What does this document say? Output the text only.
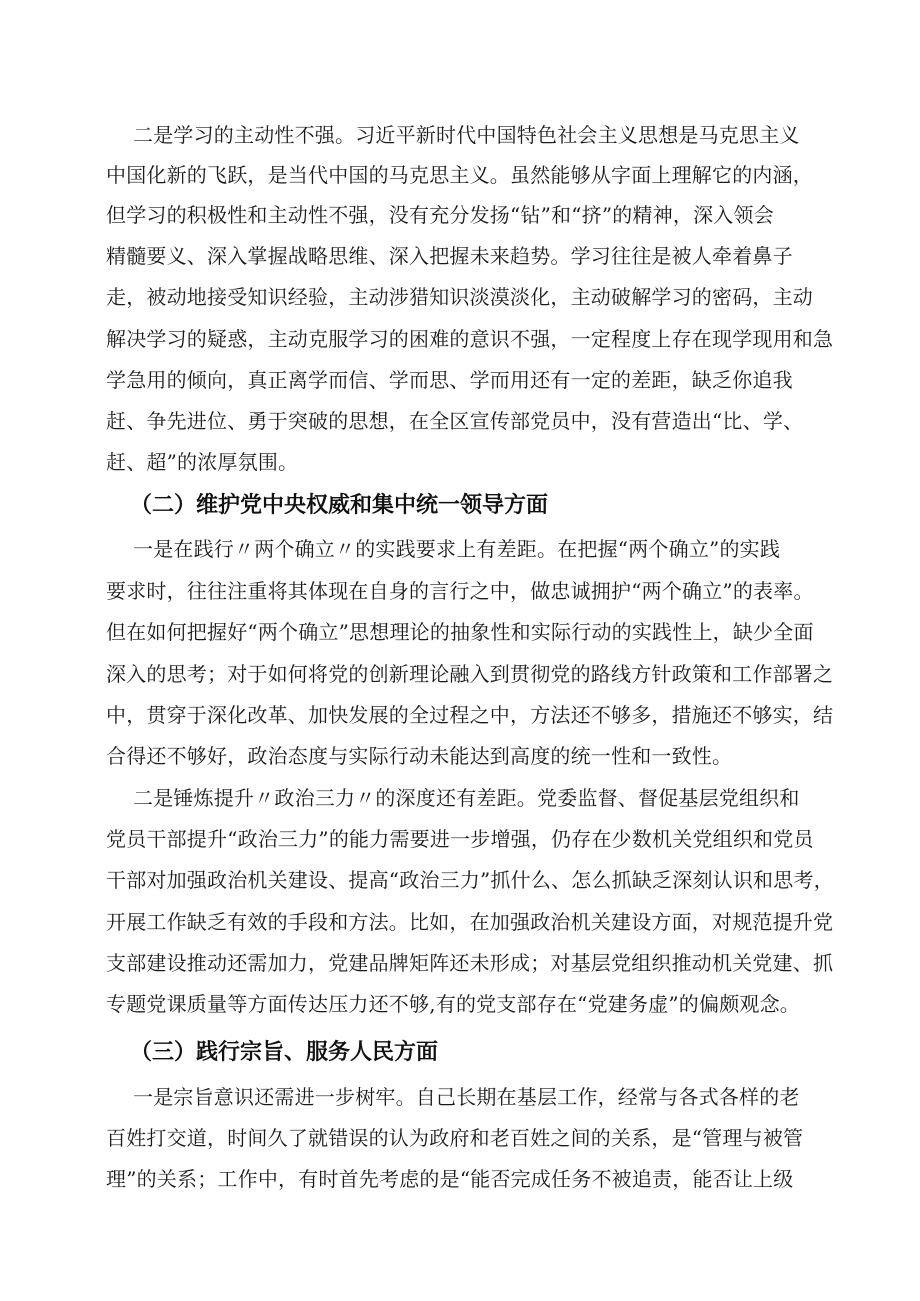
二是学习的主动性不强。习近平新时代中国特色社会主义思想是马克思主义
中国化新的飞跃，是当代中国的马克思主义。虽然能够从字面上理解它的内涵，
但学习的积极性和主动性不强，没有充分发扬“钻”和“挤”的精神，深入领会
精髓要义、深入掌握战略思维、深入把握未来趋势。学习往往是被人牵着鼻子
走，被动地接受知识经验，主动涉猎知识淡漠淡化，主动破解学习的密码，主动
解决学习的疑惑，主动克服学习的困难的意识不强，一定程度上存在现学现用和急
学急用的倾向，真正离学而信、学而思、学而用还有一定的差距，缺乏你追我
赶、争先进位、勇于突破的思想，在全区宣传部党员中，没有营造出“比、学、
赶、超”的浓厚氛围。
（二）维护党中央权威和集中统一领导方面
一是在践行〃两个确立〃的实践要求上有差距。在把握“两个确立”的实践
要求时，往往注重将其体现在自身的言行之中，做忠诚拥护“两个确立”的表率。
但在如何把握好“两个确立”思想理论的抽象性和实际行动的实践性上，缺少全面
深入的思考；对于如何将党的创新理论融入到贯彻党的路线方针政策和工作部署之
中，贯穿于深化改革、加快发展的全过程之中，方法还不够多，措施还不够实，结
合得还不够好，政治态度与实际行动未能达到高度的统一性和一致性。
二是锤炼提升〃政治三力〃的深度还有差距。党委监督、督促基层党组织和
党员干部提升“政治三力”的能力需要进一步增强，仍存在少数机关党组织和党员
干部对加强政治机关建设、提高“政治三力”抓什么、怎么抓缺乏深刻认识和思考，
开展工作缺乏有效的手段和方法。比如，在加强政治机关建设方面，对规范提升党
支部建设推动还需加力，党建品牌矩阵还未形成；对基层党组织推动机关党建、抓
专题党课质量等方面传达压力还不够,有的党支部存在“党建务虚”的偏颇观念。
（三）践行宗旨、服务人民方面
一是宗旨意识还需进一步树牢。自己长期在基层工作，经常与各式各样的老
百姓打交道，时间久了就错误的认为政府和老百姓之间的关系，是“管理与被管
理”的关系；工作中，有时首先考虑的是“能否完成任务不被追责，能否让上级
